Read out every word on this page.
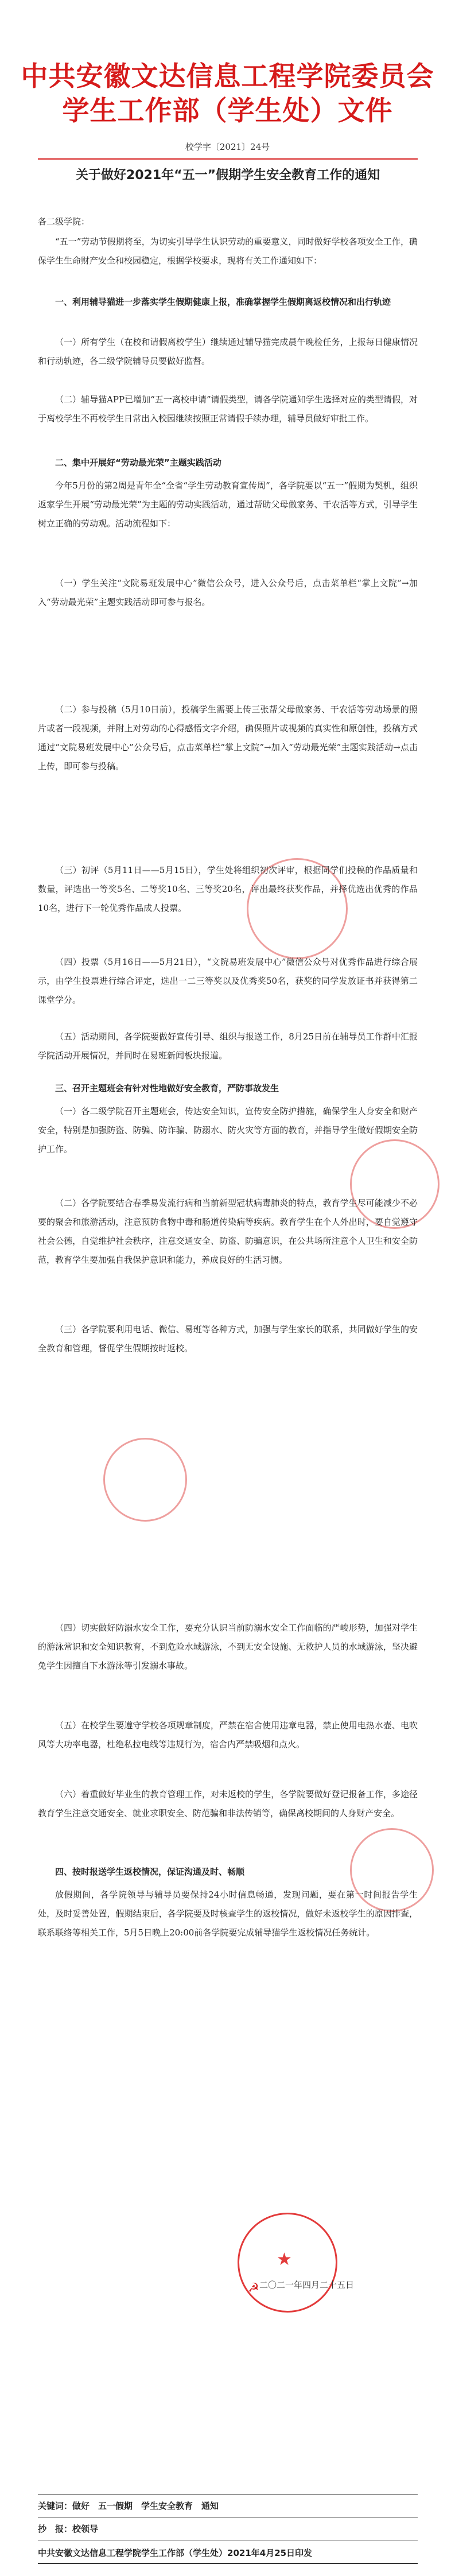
中共安徽文达信息工程学院委员会
学生工作部（学生处）文件
校学字〔2021〕24号
关于做好2021年“五一”假期学生安全教育工作的通知

各二级学院：

“五一”劳动节假期将至，为切实引导学生认识劳动的重要意义，同时做好学校各项安全工作，确保学生生命财产安全和校园稳定，根据学校要求，现将有关工作通知如下：

一、利用辅导猫进一步落实学生假期健康上报，准确掌握学生假期离返校情况和出行轨迹

（一）所有学生（在校和请假离校学生）继续通过辅导猫完成晨午晚检任务，上报每日健康情况和行动轨迹，各二级学院辅导员要做好监督。

（二）辅导猫APP已增加“五一离校申请”请假类型，请各学院通知学生选择对应的类型请假，对于离校学生不再校学生日常出入校园继续按照正常请假手续办理，辅导员做好审批工作。

二、集中开展好“劳动最光荣”主题实践活动

今年5月份的第2周是青年全“全省“学生劳动教育宣传周”，各学院要以“五一”假期为契机，组织返家学生开展“劳动最光荣”为主题的劳动实践活动，通过帮助父母做家务、干农活等方式，引导学生树立正确的劳动观。活动流程如下：

（一）学生关注“文院易班发展中心”微信公众号，进入公众号后，点击菜单栏“掌上文院”→加入“劳动最光荣”主题实践活动即可参与报名。

（二）参与投稿（5月10日前），投稿学生需要上传三张帮父母做家务、干农活等劳动场景的照片或者一段视频，并附上对劳动的心得感悟文字介绍，确保照片或视频的真实性和原创性，投稿方式通过“文院易班发展中心”公众号后，点击菜单栏“掌上文院”→加入“劳动最光荣”主题实践活动→点击上传，即可参与投稿。

（三）初评（5月11日——5月15日），学生处将组织初次评审，根据同学们投稿的作品质量和数量，评选出一等奖5名、二等奖10名、三等奖20名，评出最终获奖作品，并择优选出优秀的作品10名，进行下一轮优秀作品成人投票。

（四）投票（5月16日——5月21日），“文院易班发展中心”微信公众号对优秀作品进行综合展示，由学生投票进行综合评定，选出一二三等奖以及优秀奖50名，获奖的同学发放证书并获得第二课堂学分。

（五）活动期间，各学院要做好宣传引导、组织与报送工作，8月25日前在辅导员工作群中汇报学院活动开展情况，并同时在易班新闻板块报道。

三、召开主题班会有针对性地做好安全教育，严防事故发生

（一）各二级学院召开主题班会，传达安全知识，宣传安全防护措施，确保学生人身安全和财产安全，特别是加强防盗、防骗、防诈骗、防溺水、防火灾等方面的教育，并指导学生做好假期安全防护工作。

（二）各学院要结合春季易发流行病和当前新型冠状病毒肺炎的特点，教育学生尽可能减少不必要的聚会和旅游活动，注意预防食物中毒和肠道传染病等疾病。教育学生在个人外出时，要自觉遵守社会公德，自觉维护社会秩序，注意交通安全、防盗、防骗意识，在公共场所注意个人卫生和安全防范，教育学生要加强自我保护意识和能力，养成良好的生活习惯。

（三）各学院要利用电话、微信、易班等各种方式，加强与学生家长的联系，共同做好学生的安全教育和管理，督促学生假期按时返校。

（四）切实做好防溺水安全工作，要充分认识当前防溺水安全工作面临的严峻形势，加强对学生的游泳常识和安全知识教育，不到危险水域游泳，不到无安全设施、无救护人员的水域游泳，坚决避免学生因擅自下水游泳等引发溺水事故。

（五）在校学生要遵守学校各项规章制度，严禁在宿舍使用违章电器，禁止使用电热水壶、电吹风等大功率电器，杜绝私拉电线等违规行为，宿舍内严禁吸烟和点火。

（六）着重做好毕业生的教育管理工作，对未返校的学生，各学院要做好登记报备工作，多途径教育学生注意交通安全、就业求职安全、防范骗和非法传销等，确保离校期间的人身财产安全。

四、按时报送学生返校情况，保证沟通及时、畅顺

放假期间，各学院领导与辅导员要保持24小时信息畅通，发现问题，要在第一时间报告学生处，及时妥善处置，假期结束后，各学院要及时核查学生的返校情况，做好未返校学生的原因排查，联系联络等相关工作，5月5日晚上20:00前各学院要完成辅导猫学生返校情况任务统计。

★
☭ 二〇二一年四月二十五日

关键词：做好　五一假期　学生安全教育　通知

抄　报：校领导

中共安徽文达信息工程学院学生工作部（学生处）2021年4月25日印发
